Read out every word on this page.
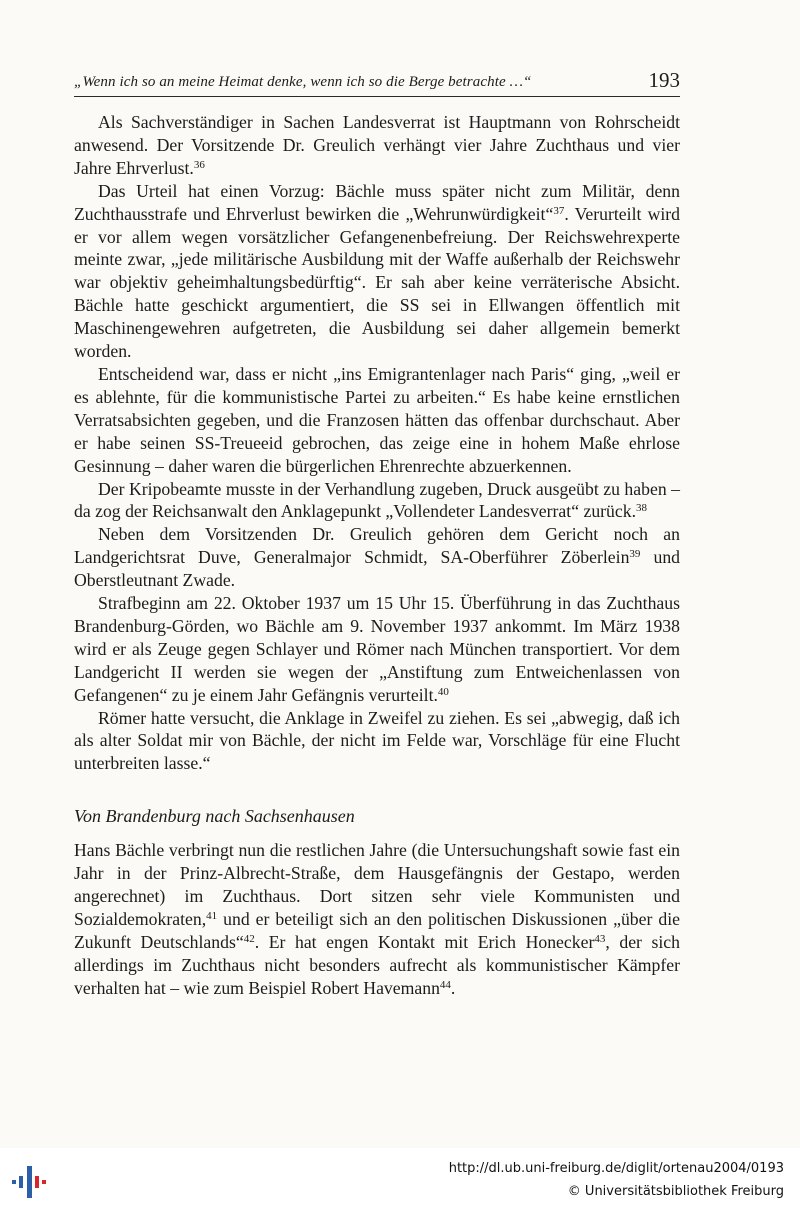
„Wenn ich so an meine Heimat denke, wenn ich so die Berge betrachte …“	193

Als Sachverständiger in Sachen Landesverrat ist Hauptmann von Rohrscheidt anwesend. Der Vorsitzende Dr. Greulich verhängt vier Jahre Zuchthaus und vier Jahre Ehrverlust.$^{36}$

Das Urteil hat einen Vorzug: Bächle muss später nicht zum Militär, denn Zuchthausstrafe und Ehrverlust bewirken die „Wehrunwürdigkeit“$^{37}$. Verurteilt wird er vor allem wegen vorsätzlicher Gefangenenbefreiung. Der Reichswehrexperte meinte zwar, „jede militärische Ausbildung mit der Waffe außerhalb der Reichswehr war objektiv geheimhaltungsbedürftig“. Er sah aber keine verräterische Absicht. Bächle hatte geschickt argumentiert, die SS sei in Ellwangen öffentlich mit Maschinengewehren aufgetreten, die Ausbildung sei daher allgemein bemerkt worden.

Entscheidend war, dass er nicht „ins Emigrantenlager nach Paris“ ging, „weil er es ablehnte, für die kommunistische Partei zu arbeiten.“ Es habe keine ernstlichen Verratsabsichten gegeben, und die Franzosen hätten das offenbar durchschaut. Aber er habe seinen SS-Treueeid gebrochen, das zeige eine in hohem Maße ehrlose Gesinnung – daher waren die bürgerlichen Ehrenrechte abzuerkennen.

Der Kripobeamte musste in der Verhandlung zugeben, Druck ausgeübt zu haben – da zog der Reichsanwalt den Anklagepunkt „Vollendeter Landesverrat“ zurück.$^{38}$

Neben dem Vorsitzenden Dr. Greulich gehören dem Gericht noch an Landgerichtsrat Duve, Generalmajor Schmidt, SA-Oberführer Zöberlein$^{39}$ und Oberstleutnant Zwade.

Strafbeginn am 22. Oktober 1937 um 15 Uhr 15. Überführung in das Zuchthaus Brandenburg-Görden, wo Bächle am 9. November 1937 ankommt. Im März 1938 wird er als Zeuge gegen Schlayer und Römer nach München transportiert. Vor dem Landgericht II werden sie wegen der „Anstiftung zum Entweichenlassen von Gefangenen“ zu je einem Jahr Gefängnis verurteilt.$^{40}$

Römer hatte versucht, die Anklage in Zweifel zu ziehen. Es sei „abwegig, daß ich als alter Soldat mir von Bächle, der nicht im Felde war, Vorschläge für eine Flucht unterbreiten lasse.“

Von Brandenburg nach Sachsenhausen

Hans Bächle verbringt nun die restlichen Jahre (die Untersuchungshaft sowie fast ein Jahr in der Prinz-Albrecht-Straße, dem Hausgefängnis der Gestapo, werden angerechnet) im Zuchthaus. Dort sitzen sehr viele Kommunisten und Sozialdemokraten,$^{41}$ und er beteiligt sich an den politischen Diskussionen „über die Zukunft Deutschlands“$^{42}$. Er hat engen Kontakt mit Erich Honecker$^{43}$, der sich allerdings im Zuchthaus nicht besonders aufrecht als kommunistischer Kämpfer verhalten hat – wie zum Beispiel Robert Havemann$^{44}$.

http://dl.ub.uni-freiburg.de/diglit/ortenau2004/0193
© Universitätsbibliothek Freiburg
